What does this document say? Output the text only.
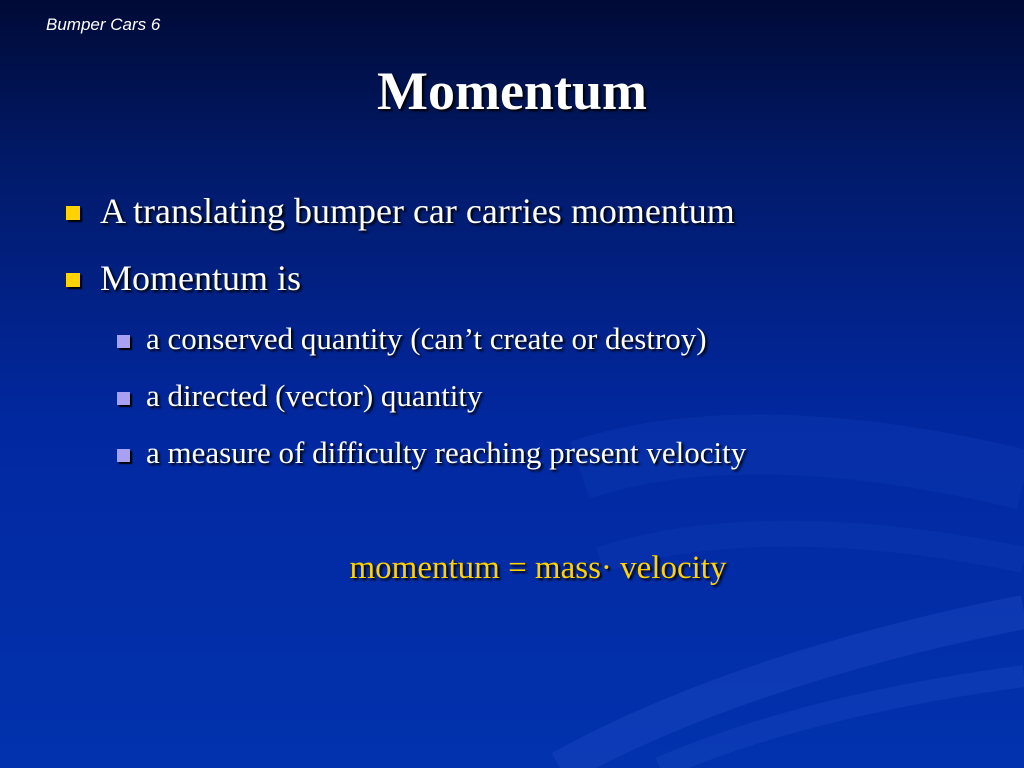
Bumper Cars 6
Momentum
A translating bumper car carries momentum
Momentum is
a conserved quantity (can’t create or destroy)
a directed (vector) quantity
a measure of difficulty reaching present velocity
momentum = mass· velocity
